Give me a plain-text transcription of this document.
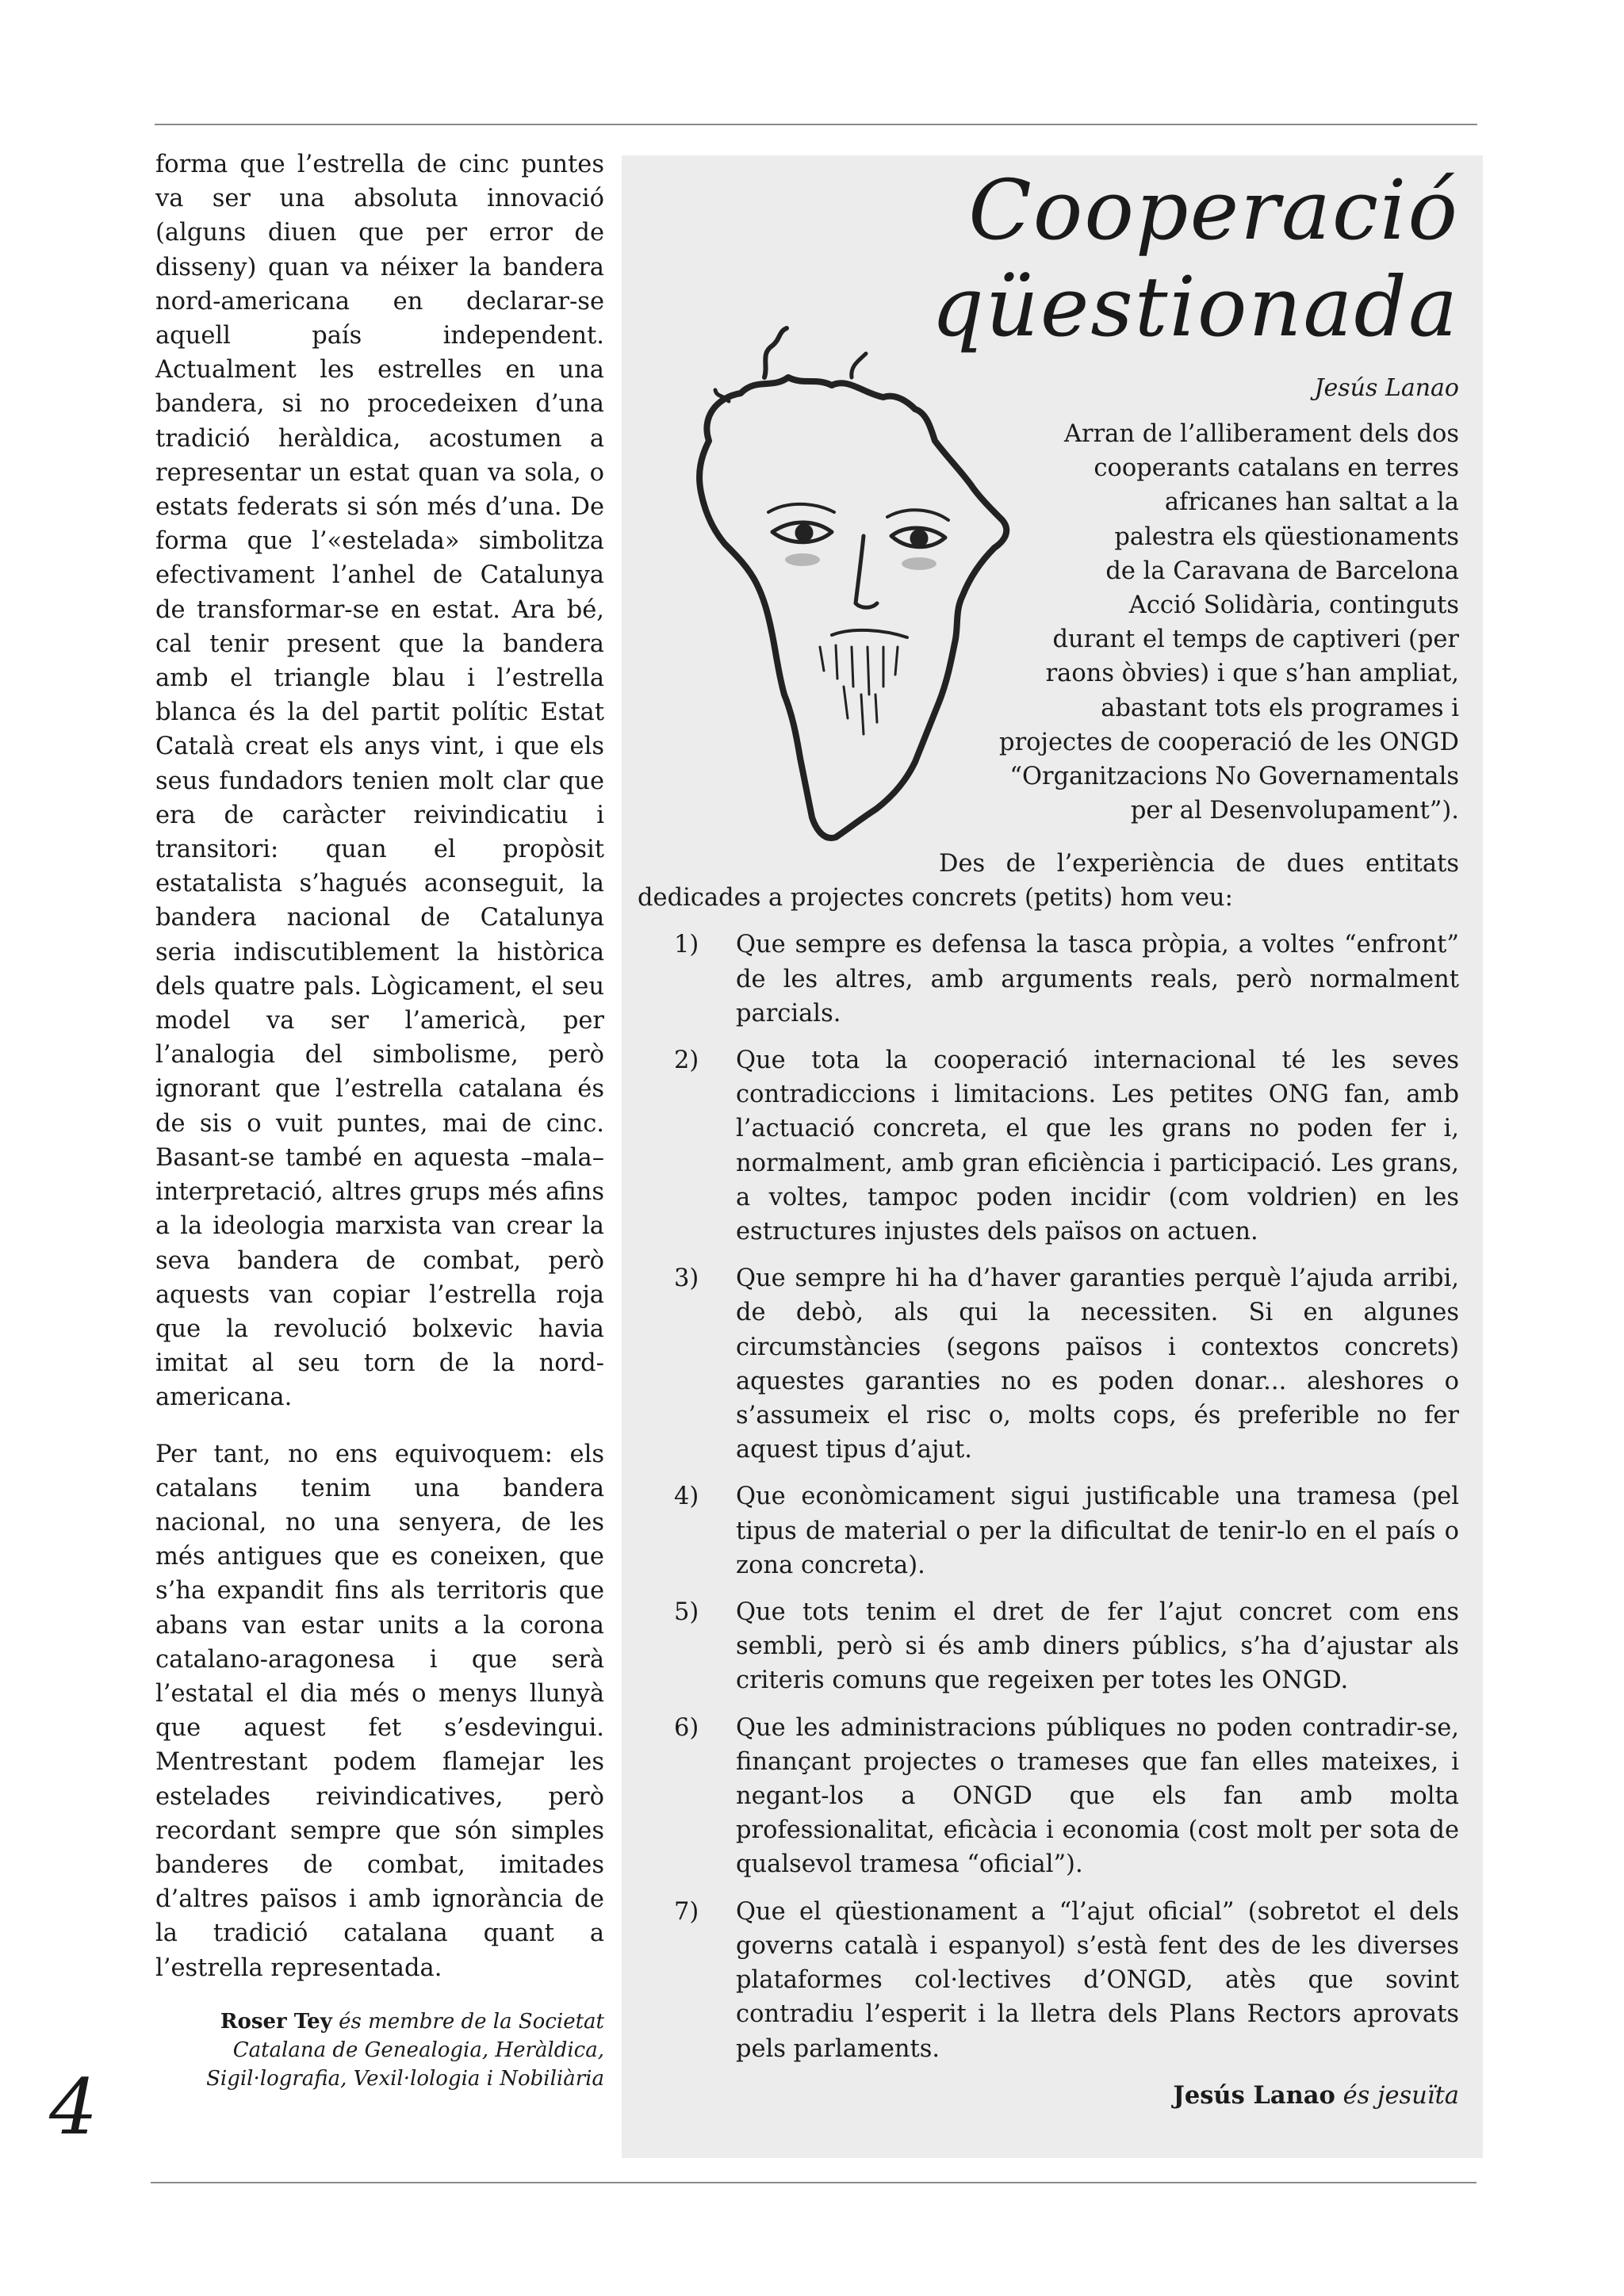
forma que l’estrella de cinc puntes va ser una absoluta innovació (alguns diuen que per error de disseny) quan va néixer la bandera nord-americana en declarar-se aquell país independent. Actualment les estrelles en una bandera, si no procedeixen d’una tradició heràldica, acostumen a representar un estat quan va sola, o estats federats si són més d’una. De forma que l’«estelada» simbolitza efectivament l’anhel de Catalunya de transformar-se en estat. Ara bé, cal tenir present que la bandera amb el triangle blau i l’estrella blanca és la del partit polític Estat Català creat els anys vint, i que els seus fundadors tenien molt clar que era de caràcter reivindicatiu i transitori: quan el propòsit estatalista s’hagués aconseguit, la bandera nacional de Catalunya seria indiscutiblement la històrica dels quatre pals. Lògicament, el seu model va ser l’americà, per l’analogia del simbolisme, però ignorant que l’estrella catalana és de sis o vuit puntes, mai de cinc. Basant-se també en aquesta –mala– interpretació, altres grups més afins a la ideologia marxista van crear la seva bandera de combat, però aquests van copiar l’estrella roja que la revolució bolxevic havia imitat al seu torn de la nord-americana.

Per tant, no ens equivoquem: els catalans tenim una bandera nacional, no una senyera, de les més antigues que es coneixen, que s’ha expandit fins als territoris que abans van estar units a la corona catalano-aragonesa i que serà l’estatal el dia més o menys llunyà que aquest fet s’esdevingui. Mentrestant podem flamejar les estelades reivindicatives, però recordant sempre que són simples banderes de combat, imitades d’altres països i amb ignorància de la tradició catalana quant a l’estrella representada.

Roser Tey és membre de la Societat Catalana de Genealogia, Heràldica, Sigil·lografia, Vexil·lologia i Nobiliària
4
Cooperació
qüestionada
Jesús Lanao
Arran de l’alliberament dels dos
cooperants catalans en terres
africanes han saltat a la
palestra els qüestionaments
de la Caravana de Barcelona
Acció Solidària, continguts
durant el temps de captiveri (per
raons òbvies) i que s’han ampliat,
abastant tots els programes i
projectes de cooperació de les ONGD
“Organitzacions No Governamentals
per al Desenvolupament”).

Des de l’experiència de dues entitats dedicades a projectes concrets (petits) hom veu:

1) Que sempre es defensa la tasca pròpia, a voltes “enfront” de les altres, amb arguments reals, però normalment parcials.
2) Que tota la cooperació internacional té les seves contradiccions i limitacions. Les petites ONG fan, amb l’actuació concreta, el que les grans no poden fer i, normalment, amb gran eficiència i participació. Les grans, a voltes, tampoc poden incidir (com voldrien) en les estructures injustes dels països on actuen.
3) Que sempre hi ha d’haver garanties perquè l’ajuda arribi, de debò, als qui la necessiten. Si en algunes circumstàncies (segons països i contextos concrets) aquestes garanties no es poden donar... aleshores o s’assumeix el risc o, molts cops, és preferible no fer aquest tipus d’ajut.
4) Que econòmicament sigui justificable una tramesa (pel tipus de material o per la dificultat de tenir-lo en el país o zona concreta).
5) Que tots tenim el dret de fer l’ajut concret com ens sembli, però si és amb diners públics, s’ha d’ajustar als criteris comuns que regeixen per totes les ONGD.
6) Que les administracions públiques no poden contradir-se, finançant projectes o trameses que fan elles mateixes, i negant-los a ONGD que els fan amb molta professionalitat, eficàcia i economia (cost molt per sota de qualsevol tramesa “oficial”).
7) Que el qüestionament a “l’ajut oficial” (sobretot el dels governs català i espanyol) s’està fent des de les diverses plataformes col·lectives d’ONGD, atès que sovint contradiu l’esperit i la lletra dels Plans Rectors aprovats pels parlaments.
Jesús Lanao és jesuïta
